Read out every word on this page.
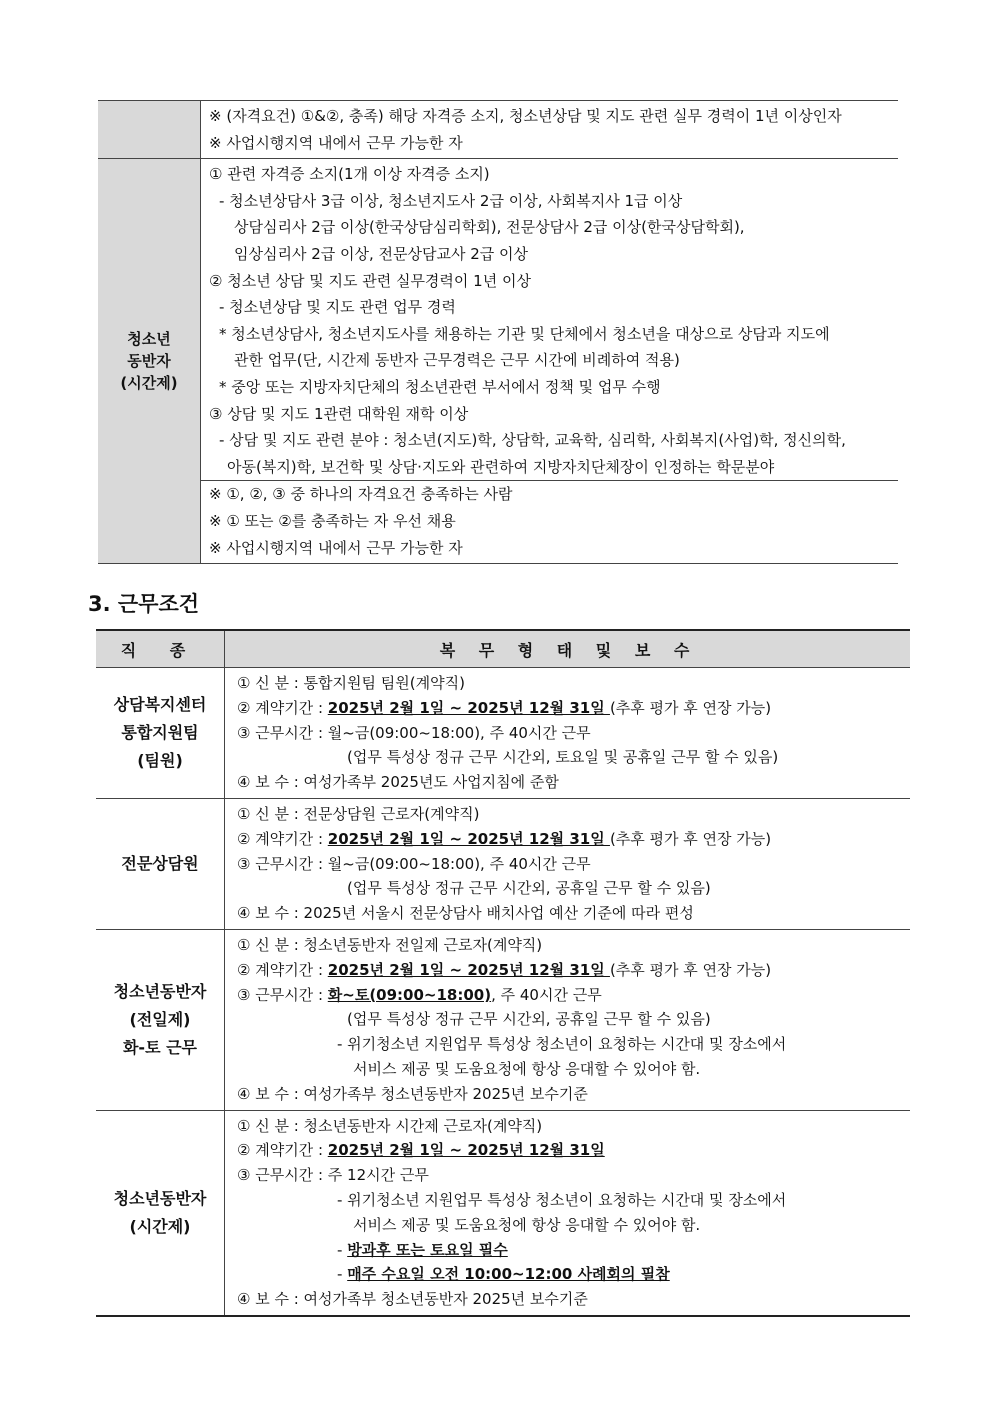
※ (자격요건) ①&②, 충족) 해당 자격증 소지, 청소년상담 및 지도 관련 실무 경력이 1년 이상인자
※ 사업시행지역 내에서 근무 가능한 자
청소년
동반자
(시간제)
① 관련 자격증 소지(1개 이상 자격증 소지)
- 청소년상담사 3급 이상, 청소년지도사 2급 이상, 사회복지사 1급 이상
상담심리사 2급 이상(한국상담심리학회), 전문상담사 2급 이상(한국상담학회),
임상심리사 2급 이상, 전문상담교사 2급 이상
② 청소년 상담 및 지도 관련 실무경력이 1년 이상
- 청소년상담 및 지도 관련 업무 경력
* 청소년상담사, 청소년지도사를 채용하는 기관 및 단체에서 청소년을 대상으로 상담과 지도에
관한 업무(단, 시간제 동반자 근무경력은 근무 시간에 비례하여 적용)
* 중앙 또는 지방자치단체의 청소년관련 부서에서 정책 및 업무 수행
③ 상담 및 지도 1관련 대학원 재학 이상
- 상담 및 지도 관련 분야 : 청소년(지도)학, 상담학, 교육학, 심리학, 사회복지(사업)학, 정신의학,
아동(복지)학, 보건학 및 상담·지도와 관련하여 지방자치단체장이 인정하는 학문분야
※ ①, ②, ③ 중 하나의 자격요건 충족하는 사람
※ ① 또는 ②를 충족하는 자 우선 채용
※ 사업시행지역 내에서 근무 가능한 자
3. 근무조건
직 종	복 무 형 태 및 보 수
상담복지센터
통합지원팀
(팀원)
① 신 분 : 통합지원팀 팀원(계약직)
② 계약기간 : 2025년 2월 1일 ~ 2025년 12월 31일 (추후 평가 후 연장 가능)
③ 근무시간 : 월~금(09:00~18:00), 주 40시간 근무
(업무 특성상 정규 근무 시간외, 토요일 및 공휴일 근무 할 수 있음)
④ 보 수 : 여성가족부 2025년도 사업지침에 준함
전문상담원
① 신 분 : 전문상담원 근로자(계약직)
② 계약기간 : 2025년 2월 1일 ~ 2025년 12월 31일 (추후 평가 후 연장 가능)
③ 근무시간 : 월~금(09:00~18:00), 주 40시간 근무
(업무 특성상 정규 근무 시간외, 공휴일 근무 할 수 있음)
④ 보 수 : 2025년 서울시 전문상담사 배치사업 예산 기준에 따라 편성
청소년동반자
(전일제)
화-토 근무
① 신 분 : 청소년동반자 전일제 근로자(계약직)
② 계약기간 : 2025년 2월 1일 ~ 2025년 12월 31일 (추후 평가 후 연장 가능)
③ 근무시간 : 화~토(09:00~18:00), 주 40시간 근무
(업무 특성상 정규 근무 시간외, 공휴일 근무 할 수 있음)
- 위기청소년 지원업무 특성상 청소년이 요청하는 시간대 및 장소에서
서비스 제공 및 도움요청에 항상 응대할 수 있어야 함.
④ 보 수 : 여성가족부 청소년동반자 2025년 보수기준
청소년동반자
(시간제)
① 신 분 : 청소년동반자 시간제 근로자(계약직)
② 계약기간 : 2025년 2월 1일 ~ 2025년 12월 31일
③ 근무시간 : 주 12시간 근무
- 위기청소년 지원업무 특성상 청소년이 요청하는 시간대 및 장소에서
서비스 제공 및 도움요청에 항상 응대할 수 있어야 함.
- 방과후 또는 토요일 필수
- 매주 수요일 오전 10:00~12:00 사례회의 필참
④ 보 수 : 여성가족부 청소년동반자 2025년 보수기준
